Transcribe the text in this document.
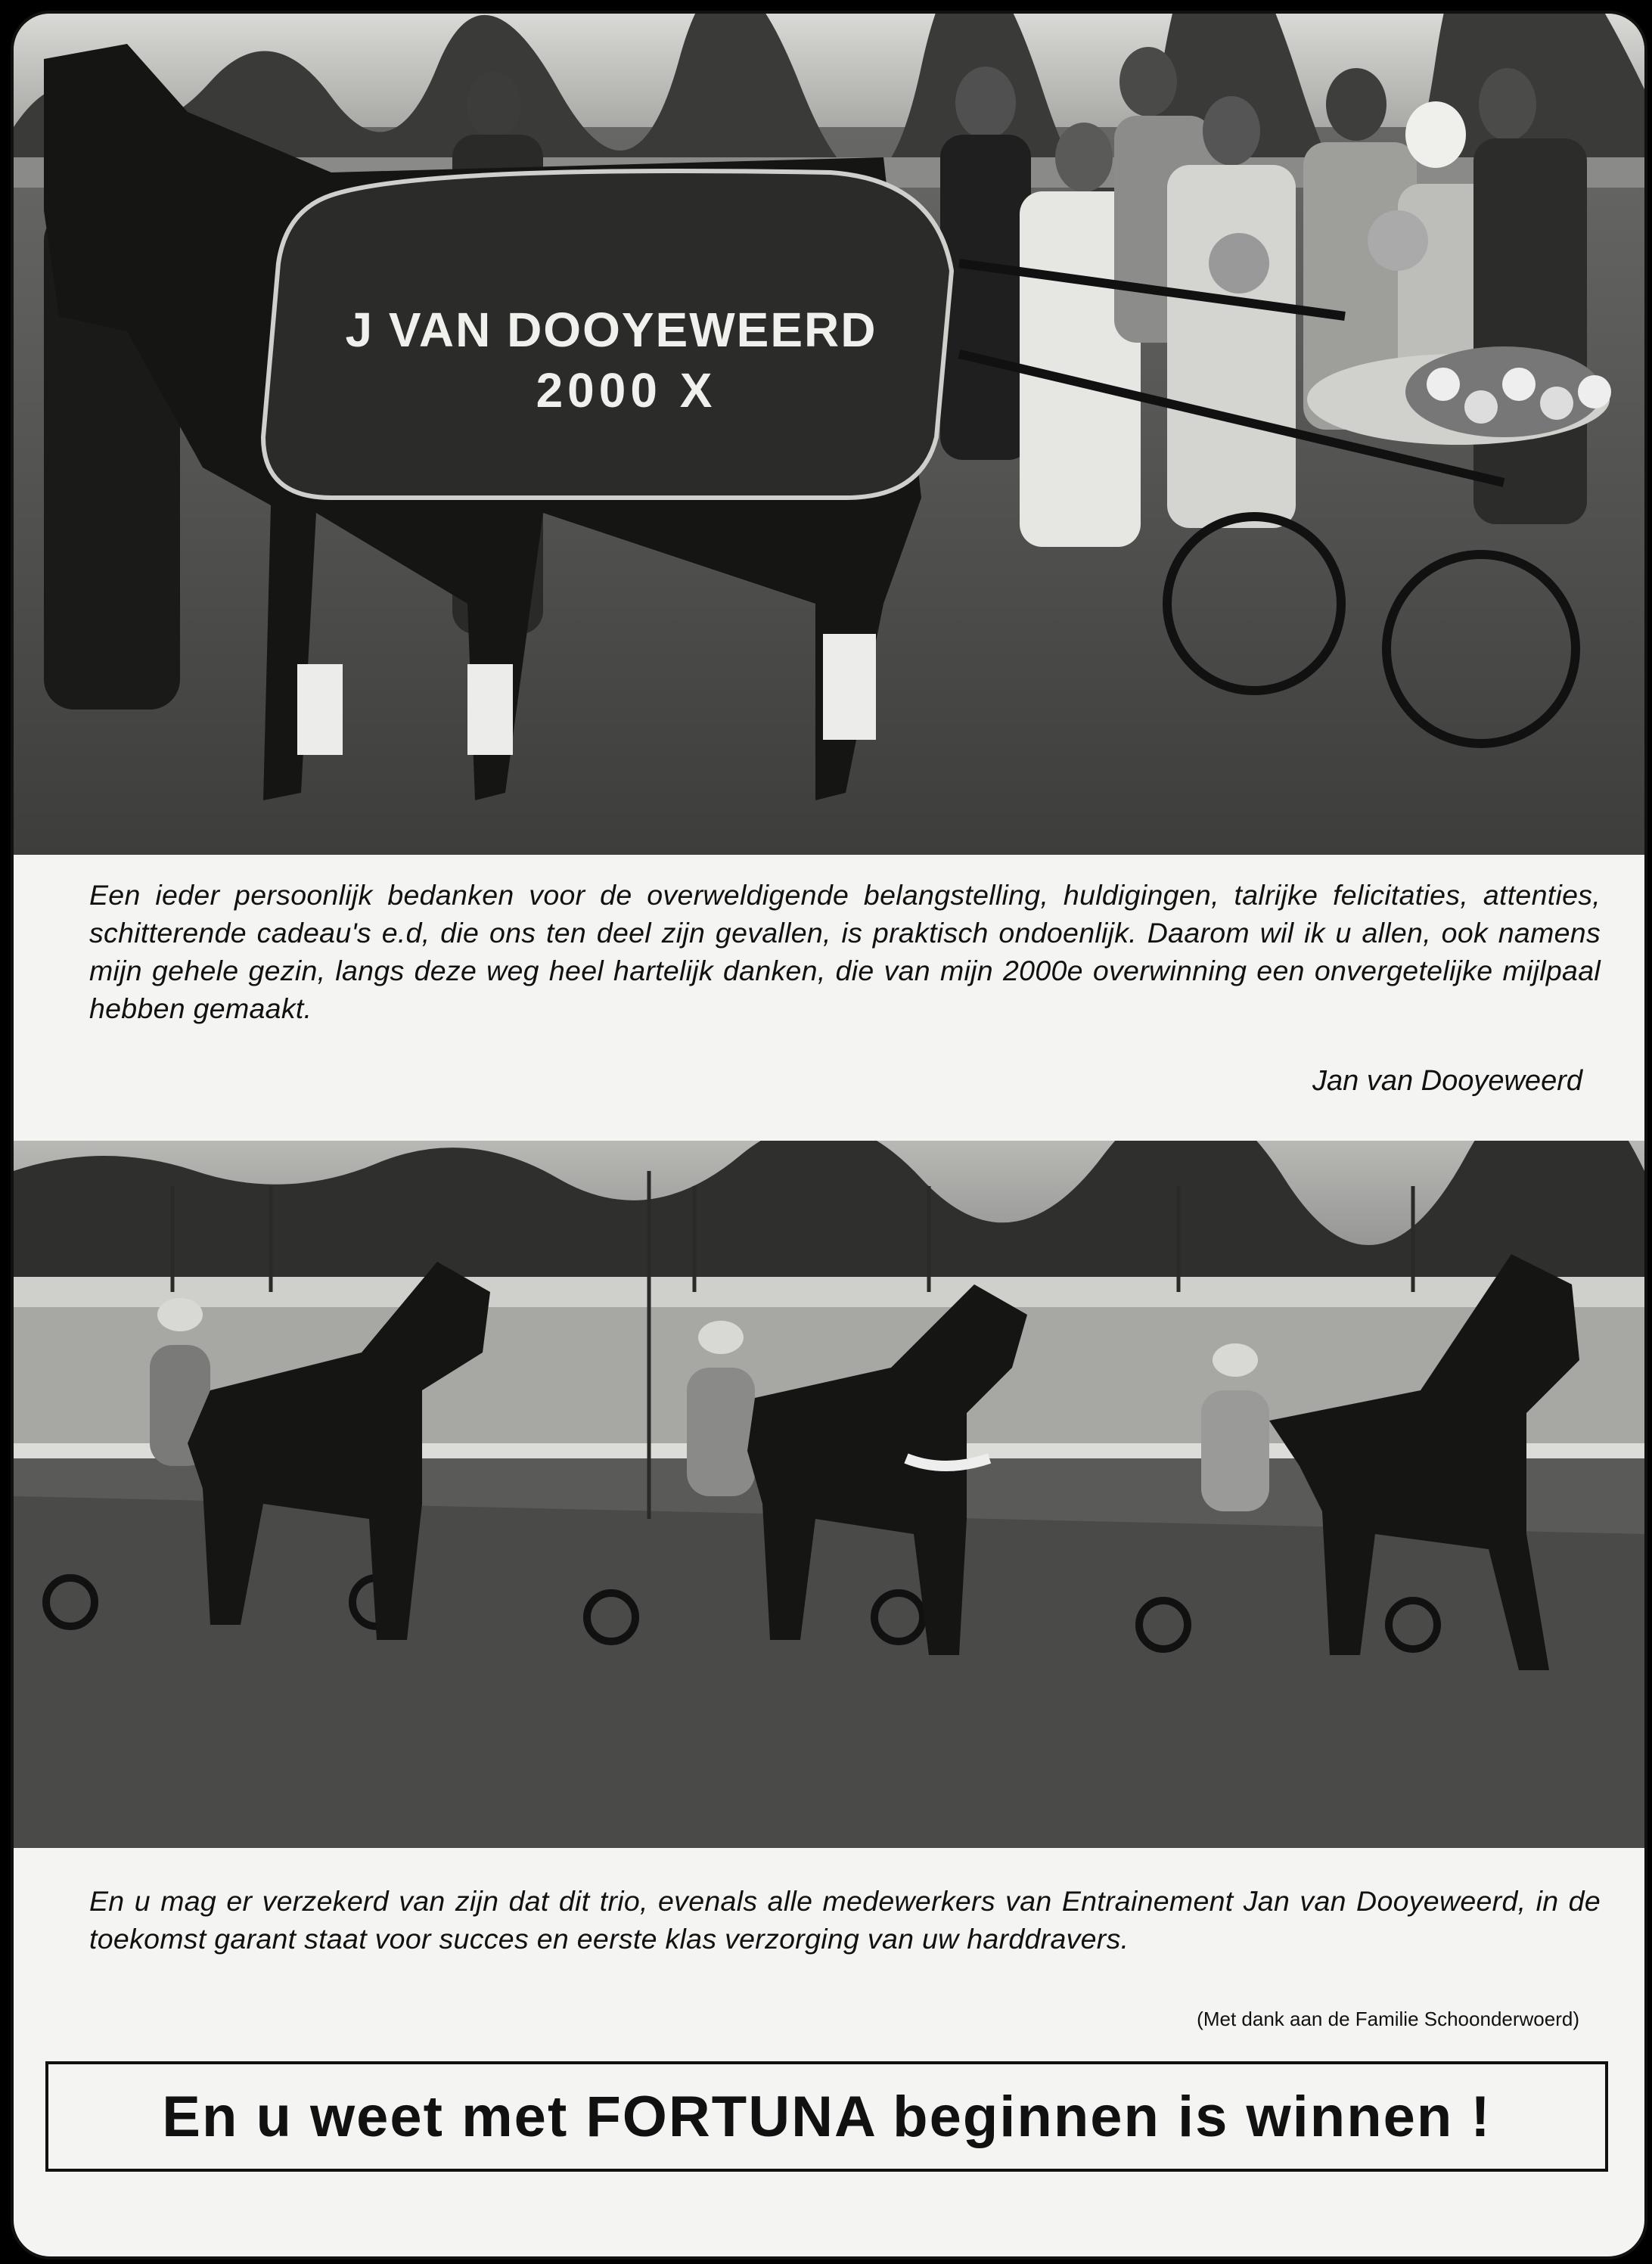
J VAN DOOYEWEERD
2000 X

Een ieder persoonlijk bedanken voor de overweldigende belangstelling, huldigingen, talrijke felicitaties, attenties, schitterende cadeau's e.d, die ons ten deel zijn gevallen, is praktisch ondoenlijk. Daarom wil ik u allen, ook namens mijn gehele gezin, langs deze weg heel hartelijk danken, die van mijn 2000e overwinning een onvergetelijke mijlpaal hebben gemaakt.

Jan van Dooyeweerd

En u mag er verzekerd van zijn dat dit trio, evenals alle medewerkers van Entrainement Jan van Dooyeweerd, in de toekomst garant staat voor succes en eerste klas verzorging van uw harddravers.

(Met dank aan de Familie Schoonderwoerd)
En u weet met FORTUNA beginnen is winnen !
